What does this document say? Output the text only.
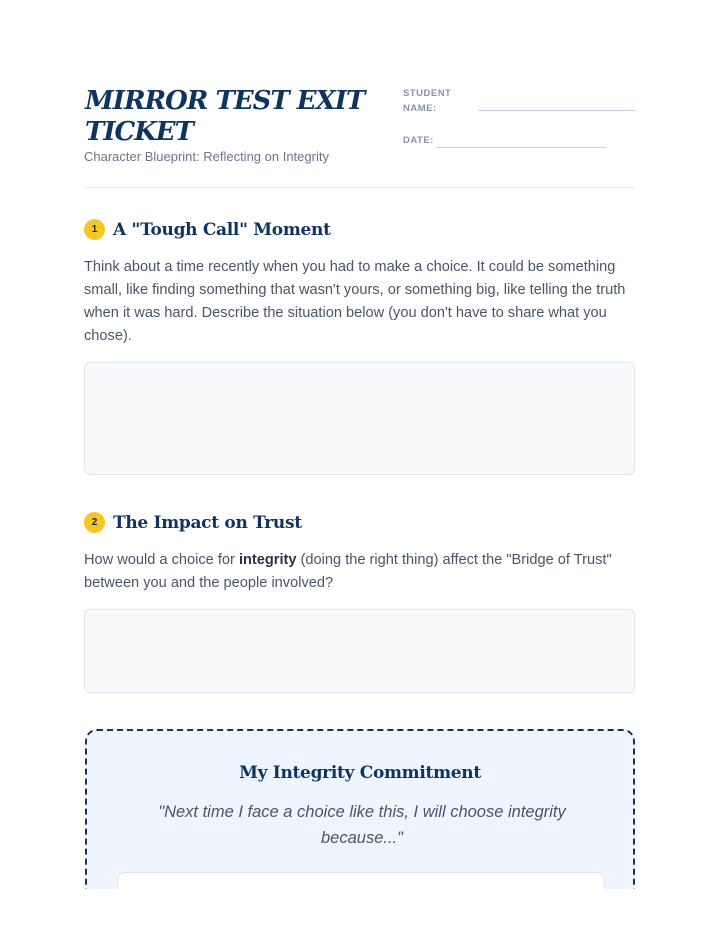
MIRROR TEST EXIT TICKET
Character Blueprint: Reflecting on Integrity
STUDENT
NAME:
DATE:
1 A "Tough Call" Moment
Think about a time recently when you had to make a choice. It could be something small, like finding something that wasn't yours, or something big, like telling the truth when it was hard. Describe the situation below (you don't have to share what you chose).
2 The Impact on Trust
How would a choice for integrity (doing the right thing) affect the "Bridge of Trust" between you and the people involved?
My Integrity Commitment
"Next time I face a choice like this, I will choose integrity because..."
